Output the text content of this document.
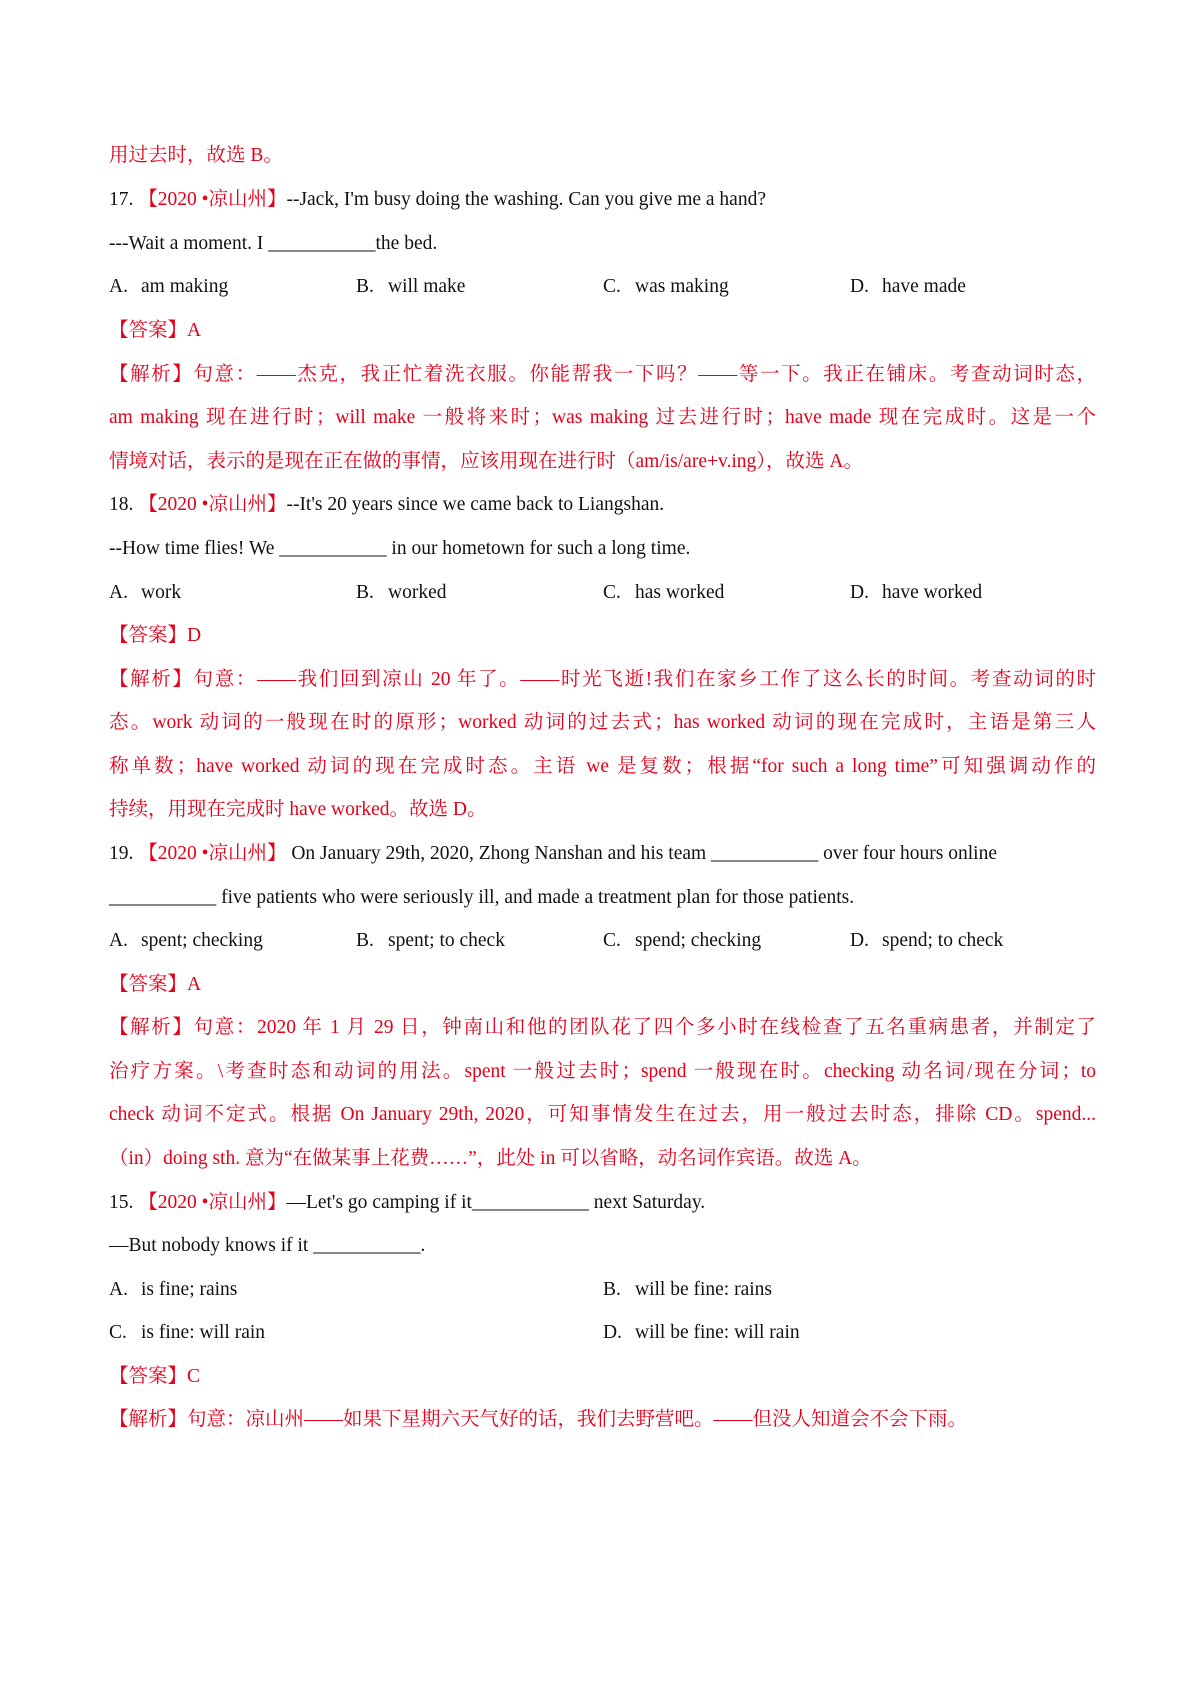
用过去时，故选 B。
17. 【2020 •凉山州】--Jack, I'm busy doing the washing. Can you give me a hand?
---Wait a moment. I ___________the bed.
A. am making	B. will make	C. was making	D. have made
【答案】A
【解析】句意：——杰克，我正忙着洗衣服。你能帮我一下吗？——等一下。我正在铺床。考查动词时态，
am making 现在进行时；will make 一般将来时；was making 过去进行时；have made 现在完成时。这是一个
情境对话，表示的是现在正在做的事情，应该用现在进行时（am/is/are+v.ing），故选 A。
18. 【2020 •凉山州】--It's 20 years since we came back to Liangshan.
--How time flies! We ___________ in our hometown for such a long time.
A. work	B. worked	C. has worked	D. have worked
【答案】D
【解析】句意：——我们回到凉山 20 年了。——时光飞逝!我们在家乡工作了这么长的时间。考查动词的时
态。work 动词的一般现在时的原形；worked 动词的过去式；has worked 动词的现在完成时，主语是第三人
称单数；have worked 动词的现在完成时态。主语 we 是复数；根据“for such a long time”可知强调动作的
持续，用现在完成时 have worked。故选 D。
19. 【2020 •凉山州】 On January 29th, 2020, Zhong Nanshan and his team ___________ over four hours online
___________ five patients who were seriously ill, and made a treatment plan for those patients.
A. spent; checking	B. spent; to check	C. spend; checking	D. spend; to check
【答案】A
【解析】句意：2020 年 1 月 29 日，钟南山和他的团队花了四个多小时在线检查了五名重病患者，并制定了
治疗方案。\考查时态和动词的用法。spent 一般过去时；spend 一般现在时。checking 动名词/现在分词；to
check 动词不定式。根据 On January 29th, 2020，可知事情发生在过去，用一般过去时态，排除 CD。spend...
（in）doing sth. 意为“在做某事上花费……”，此处 in 可以省略，动名词作宾语。故选 A。
15. 【2020 •凉山州】—Let's go camping if it____________ next Saturday.
—But nobody knows if it ___________.
A. is fine; rains	B. will be fine: rains
C. is fine: will rain	D. will be fine: will rain
【答案】C
【解析】句意：凉山州——如果下星期六天气好的话，我们去野营吧。——但没人知道会不会下雨。
